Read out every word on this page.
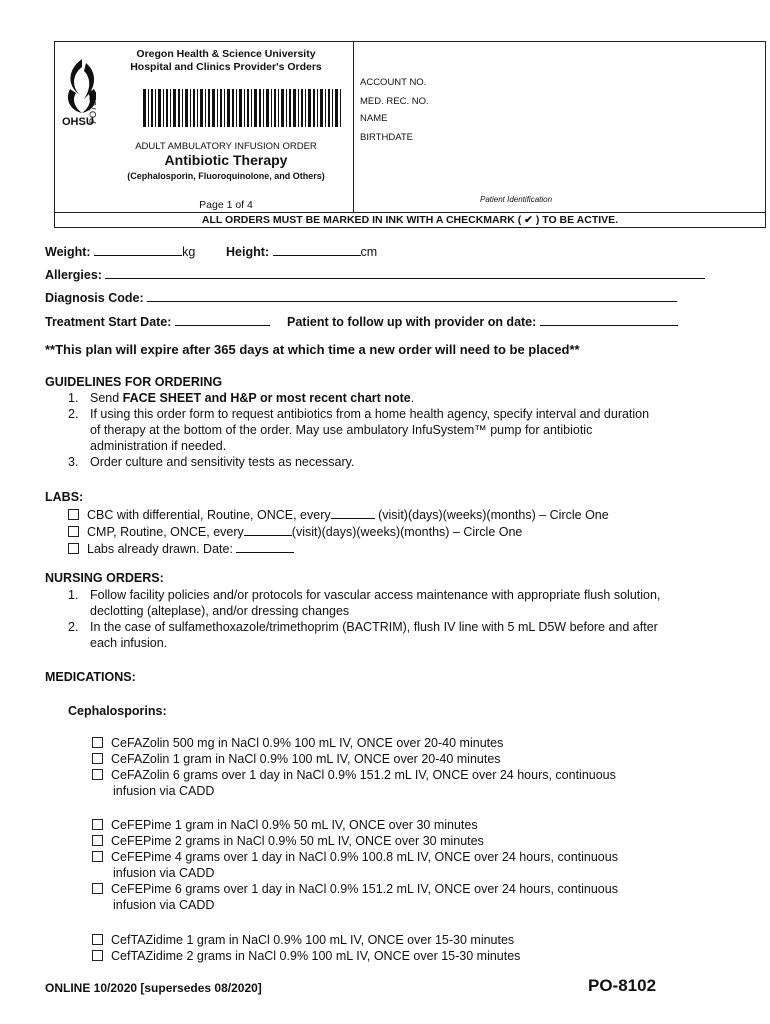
OHSU
Oregon Health & Science University
Hospital and Clinics Provider's Orders
PO7071
ADULT AMBULATORY INFUSION ORDER
Antibiotic Therapy
(Cephalosporin, Fluoroquinolone, and Others)
Page 1 of 4
ACCOUNT NO.
MED. REC. NO.
NAME
BIRTHDATE
Patient Identification
ALL ORDERS MUST BE MARKED IN INK WITH A CHECKMARK ( ✔ ) TO BE ACTIVE.
Weight:	kg Height:	cm
Allergies:
Diagnosis Code:
Treatment Start Date:	Patient to follow up with provider on date:
**This plan will expire after 365 days at which time a new order will need to be placed**
GUIDELINES FOR ORDERING
1. Send FACE SHEET and H&P or most recent chart note.
2. If using this order form to request antibiotics from a home health agency, specify interval and duration
of therapy at the bottom of the order. May use ambulatory InfuSystem™ pump for antibiotic
administration if needed.
3. Order culture and sensitivity tests as necessary.
LABS:
CBC with differential, Routine, ONCE, every	(visit)(days)(weeks)(months) – Circle One
CMP, Routine, ONCE, every	(visit)(days)(weeks)(months) – Circle One
Labs already drawn. Date:
NURSING ORDERS:
1. Follow facility policies and/or protocols for vascular access maintenance with appropriate flush solution,
declotting (alteplase), and/or dressing changes
2. In the case of sulfamethoxazole/trimethoprim (BACTRIM), flush IV line with 5 mL D5W before and after
each infusion.
MEDICATIONS:
Cephalosporins:
CeFAZolin 500 mg in NaCl 0.9% 100 mL IV, ONCE over 20-40 minutes
CeFAZolin 1 gram in NaCl 0.9% 100 mL IV, ONCE over 20-40 minutes
CeFAZolin 6 grams over 1 day in NaCl 0.9% 151.2 mL IV, ONCE over 24 hours, continuous
infusion via CADD
CeFEPime 1 gram in NaCl 0.9% 50 mL IV, ONCE over 30 minutes
CeFEPime 2 grams in NaCl 0.9% 50 mL IV, ONCE over 30 minutes
CeFEPime 4 grams over 1 day in NaCl 0.9% 100.8 mL IV, ONCE over 24 hours, continuous
infusion via CADD
CeFEPime 6 grams over 1 day in NaCl 0.9% 151.2 mL IV, ONCE over 24 hours, continuous
infusion via CADD
CefTAZidime 1 gram in NaCl 0.9% 100 mL IV, ONCE over 15-30 minutes
CefTAZidime 2 grams in NaCl 0.9% 100 mL IV, ONCE over 15-30 minutes
ONLINE 10/2020 [supersedes 08/2020]	PO-8102
